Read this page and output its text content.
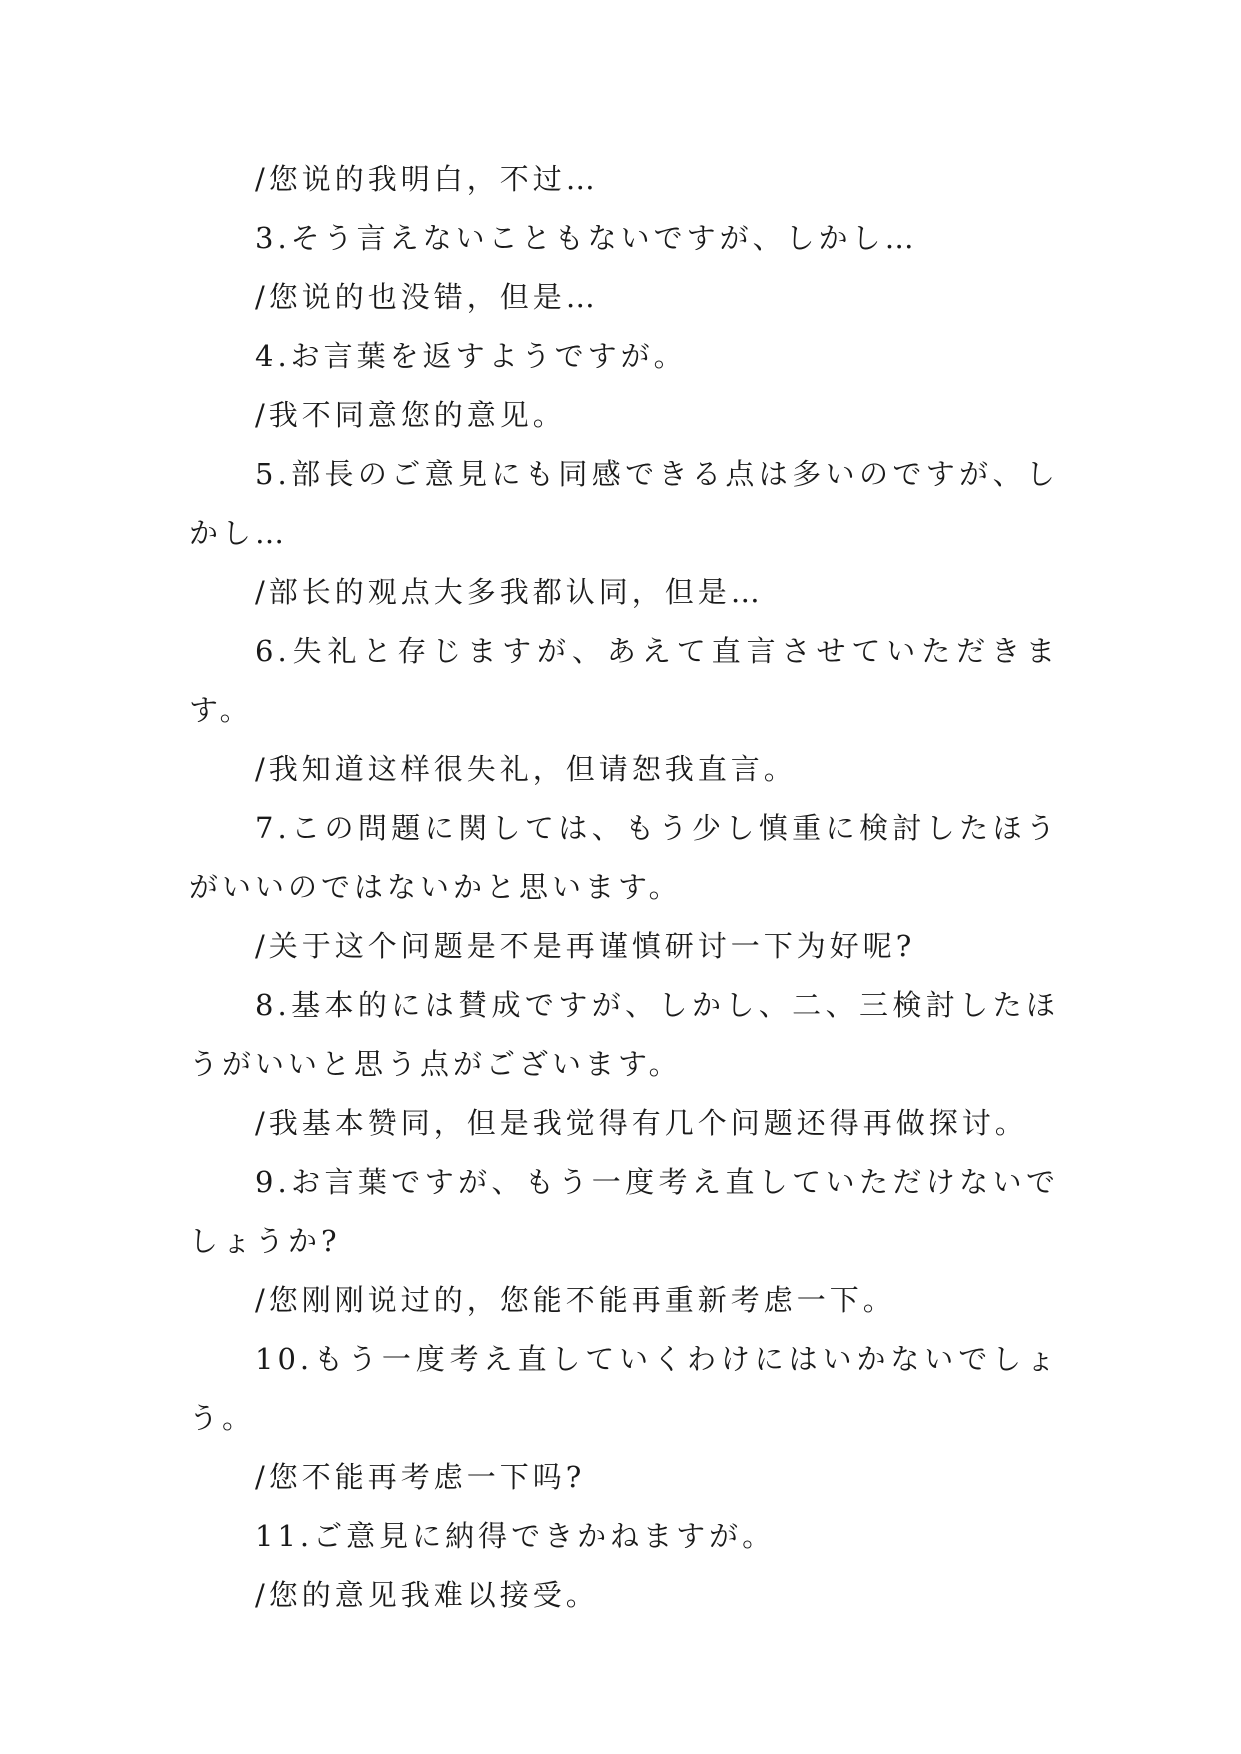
/您说的我明白，不过…

3.そう言えないこともないですが、しかし…

/您说的也没错，但是…

4.お言葉を返すようですが。

/我不同意您的意见。

5.部長のご意見にも同感できる点は多いのですが、しかし…

/部长的观点大多我都认同，但是…

6.失礼と存じますが、あえて直言させていただきます。

/我知道这样很失礼，但请恕我直言。

7.この問題に関しては、もう少し慎重に検討したほうがいいのではないかと思います。

/关于这个问题是不是再谨慎研讨一下为好呢?

8.基本的には賛成ですが、しかし、二、三検討したほうがいいと思う点がございます。

/我基本赞同，但是我觉得有几个问题还得再做探讨。

9.お言葉ですが、もう一度考え直していただけないでしょうか?

/您刚刚说过的，您能不能再重新考虑一下。

10.もう一度考え直していくわけにはいかないでしょう。

/您不能再考虑一下吗?

11.ご意見に納得できかねますが。

/您的意见我难以接受。
